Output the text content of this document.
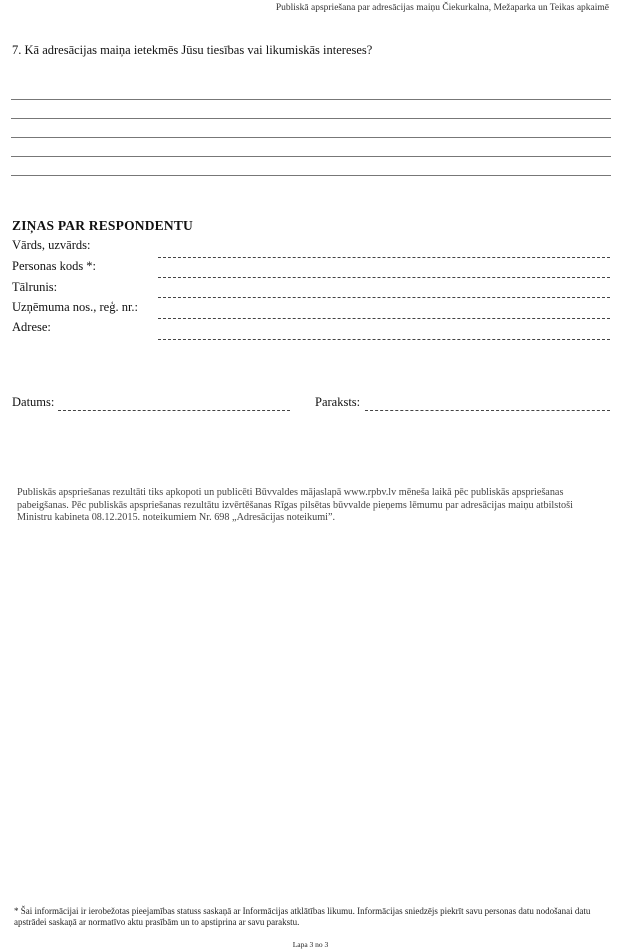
Publiskā apspriešana par adresācijas maiņu Čiekurkalna, Mežaparka un Teikas apkaimē
7. Kā adresācijas maiņa ietekmēs Jūsu tiesības vai likumiskās intereses?
ZIŅAS PAR RESPONDENTU
Vārds, uzvārds:
Personas kods *:
Tālrunis:
Uzņēmuma nos., reģ. nr.:
Adrese:
Datums:	Paraksts:
Publiskās apspriešanas rezultāti tiks apkopoti un publicēti Būvvaldes mājaslapā www.rpbv.lv mēneša laikā pēc publiskās apspriešanas pabeigšanas. Pēc publiskās apspriešanas rezultātu izvērtēšanas Rīgas pilsētas būvvalde pieņems lēmumu par adresācijas maiņu atbilstoši Ministru kabineta 08.12.2015. noteikumiem Nr. 698 „Adresācijas noteikumi”.
* Šai informācijai ir ierobežotas pieejamības statuss saskaņā ar Informācijas atklātības likumu. Informācijas sniedzējs piekrīt savu personas datu nodošanai datu apstrādei saskaņā ar normatīvo aktu prasībām un to apstiprina ar savu parakstu.
Lapa 3 no 3
